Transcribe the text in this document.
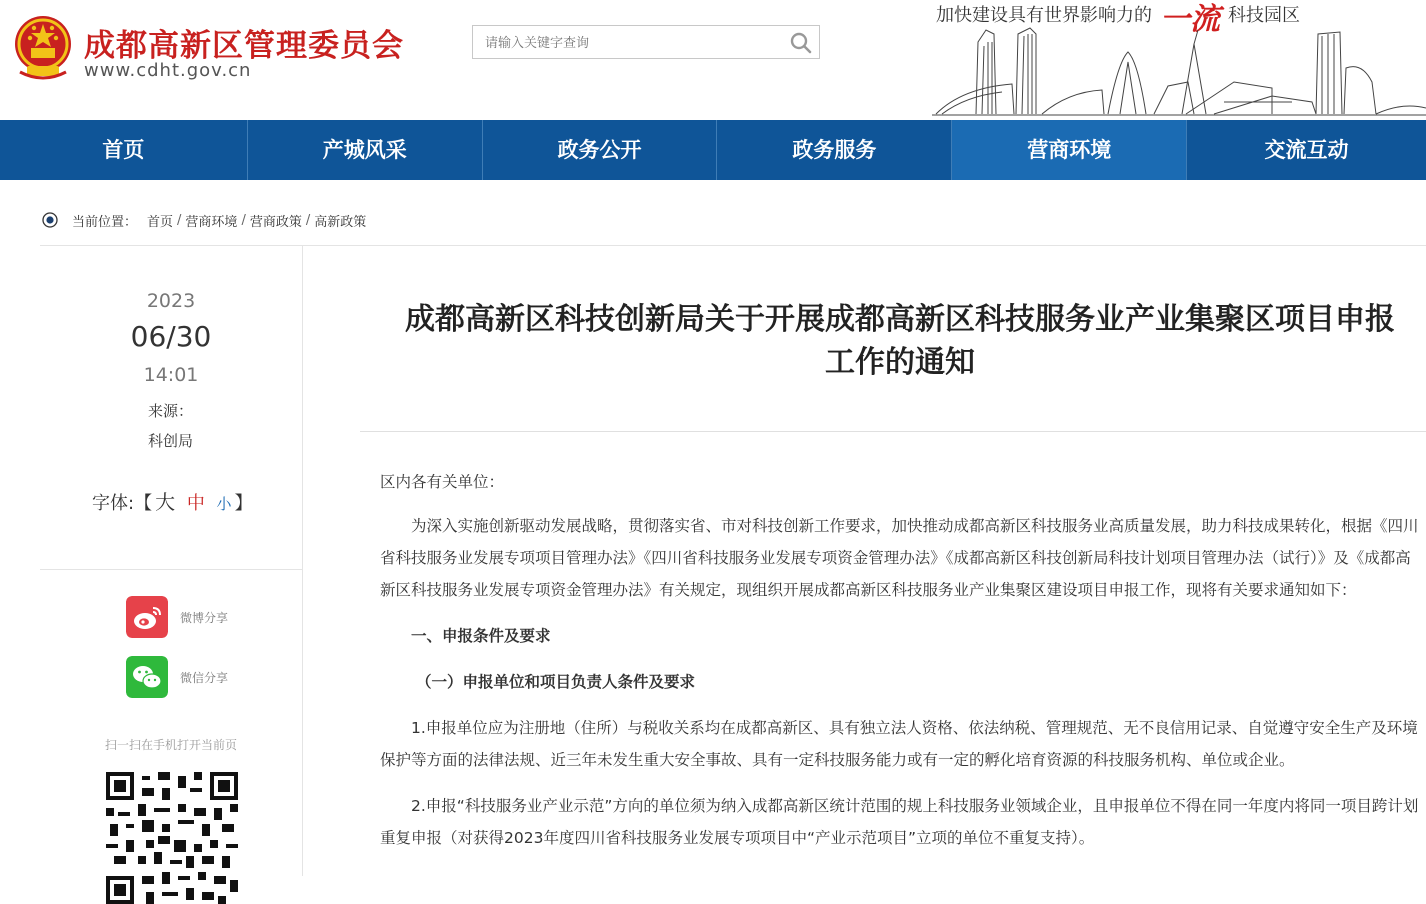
成都高新区管理委员会
www.cdht.gov.cn
请输入关键字查询
加快建设具有世界影响力的 一流 科技园区
首页	产城风采	政务公开	政务服务	营商环境	交流互动
当前位置： 首页 / 营商环境 / 营商政策 / 高新政策
2023
06/30
14:01
来源：
科创局
字体:【 大 中 小 】
微博分享
微信分享
扫一扫在手机打开当前页
成都高新区科技创新局关于开展成都高新区科技服务业产业集聚区项目申报工作的通知

区内各有关单位：

为深入实施创新驱动发展战略，贯彻落实省、市对科技创新工作要求，加快推动成都高新区科技服务业高质量发展，助力科技成果转化，根据《四川省科技服务业发展专项项目管理办法》《四川省科技服务业发展专项资金管理办法》《成都高新区科技创新局科技计划项目管理办法（试行）》及《成都高新区科技服务业发展专项资金管理办法》有关规定，现组织开展成都高新区科技服务业产业集聚区建设项目申报工作，现将有关要求通知如下：

一、申报条件及要求

（一）申报单位和项目负责人条件及要求

1.申报单位应为注册地（住所）与税收关系均在成都高新区、具有独立法人资格、依法纳税、管理规范、无不良信用记录、自觉遵守安全生产及环境保护等方面的法律法规、近三年未发生重大安全事故、具有一定科技服务能力或有一定的孵化培育资源的科技服务机构、单位或企业。

2.申报“科技服务业产业示范”方向的单位须为纳入成都高新区统计范围的规上科技服务业领域企业，且申报单位不得在同一年度内将同一项目跨计划重复申报（对获得2023年度四川省科技服务业发展专项项目中“产业示范项目”立项的单位不重复支持）。
